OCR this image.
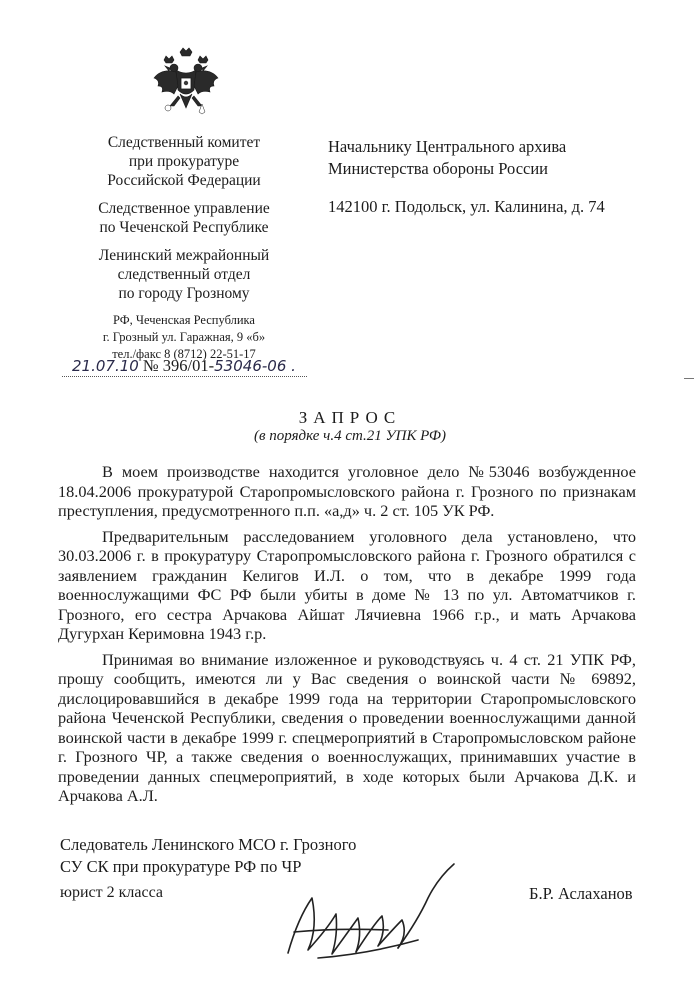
Следственный комитет
при прокуратуре
Российской Федерации
Следственное управление
по Чеченской Республике
Ленинский межрайонный
следственный отдел
по городу Грозному
РФ, Чеченская Республика
г. Грозный ул. Гаражная, 9 «б»
тел./факс 8 (8712) 22-51-17
Начальнику Центрального архива
Министерства обороны России
142100 г. Подольск, ул. Калинина, д. 74
21.07.10 № 396/01-53046-06 .
ЗАПРОС
(в порядке ч.4 ст.21 УПК РФ)

В моем производстве находится уголовное дело №53046 возбужденное 18.04.2006 прокуратурой Старопромысловского района г. Грозного по признакам преступления, предусмотренного п.п. «а,д» ч. 2 ст. 105 УК РФ.

Предварительным расследованием уголовного дела установлено, что 30.03.2006 г. в прокуратуру Старопромысловского района г. Грозного обратился с заявлением гражданин Келигов И.Л. о том, что в декабре 1999 года военнослужащими ФС РФ были убиты в доме № 13 по ул. Автоматчиков г. Грозного, его сестра Арчакова Айшат Лячиевна 1966 г.р., и мать Арчакова Дугурхан Керимовна 1943 г.р.

Принимая во внимание изложенное и руководствуясь ч. 4 ст. 21 УПК РФ, прошу сообщить, имеются ли у Вас сведения о воинской части № 69892, дислоцировавшийся в декабре 1999 года на территории Старопромысловского района Чеченской Республики, сведения о проведении военнослужащими данной воинской части в декабре 1999 г. спецмероприятий в Старопромысловском районе г. Грозного ЧР, а также сведения о военнослужащих, принимавших участие в проведении данных спецмероприятий, в ходе которых были Арчакова Д.К. и Арчакова А.Л.

Следователь Ленинского МСО г. Грозного
СУ СК при прокуратуре РФ по ЧР
юрист 2 класса	Б.Р. Аслаханов
